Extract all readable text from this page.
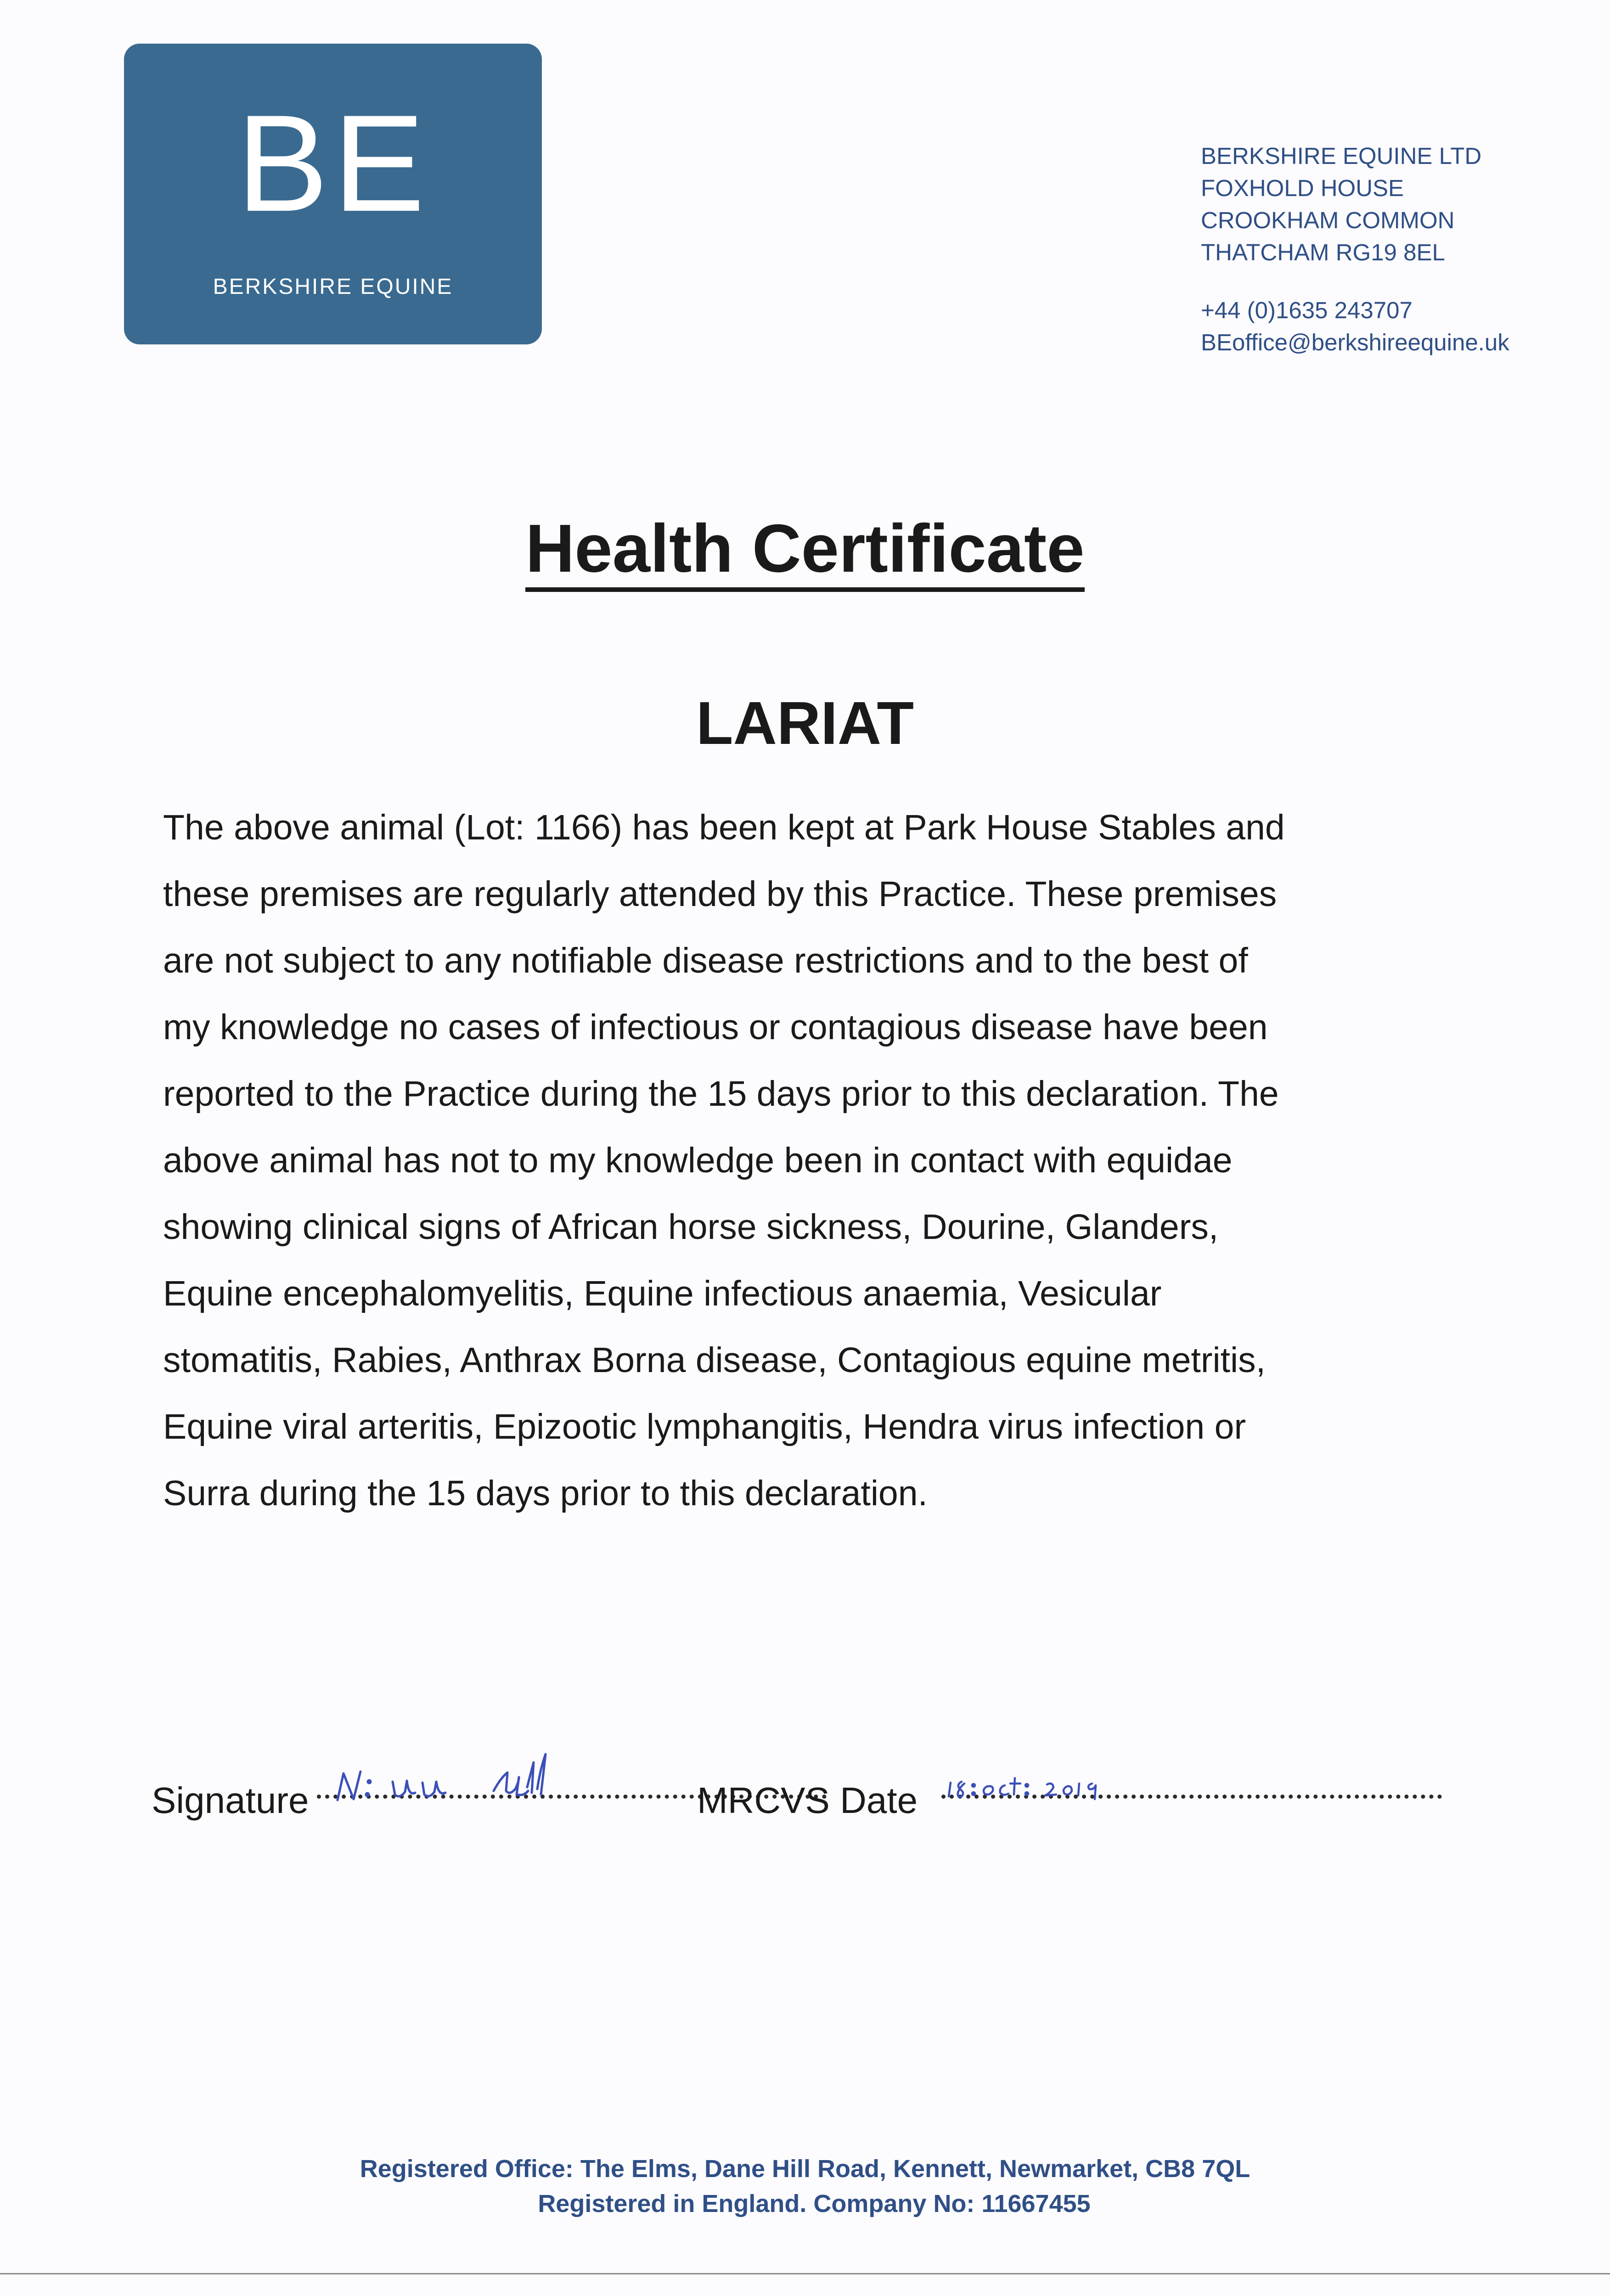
BE
BERKSHIRE EQUINE
BERKSHIRE EQUINE LTD
FOXHOLD HOUSE
CROOKHAM COMMON
THATCHAM RG19 8EL
+44 (0)1635 243707
BEoffice@berkshireequine.uk
Health Certificate
LARIAT
The above animal (Lot: 1166) has been kept at Park House Stables and
these premises are regularly attended by this Practice. These premises
are not subject to any notifiable disease restrictions and to the best of
my knowledge no cases of infectious or contagious disease have been
reported to the Practice during the 15 days prior to this declaration. The
above animal has not to my knowledge been in contact with equidae
showing clinical signs of African horse sickness, Dourine, Glanders,
Equine encephalomyelitis, Equine infectious anaemia, Vesicular
stomatitis, Rabies, Anthrax Borna disease, Contagious equine metritis,
Equine viral arteritis, Epizootic lymphangitis, Hendra virus infection or
Surra during the 15 days prior to this declaration.
Signature	MRCVS Date
Registered Office: The Elms, Dane Hill Road, Kennett, Newmarket, CB8 7QL
Registered in England. Company No: 11667455
